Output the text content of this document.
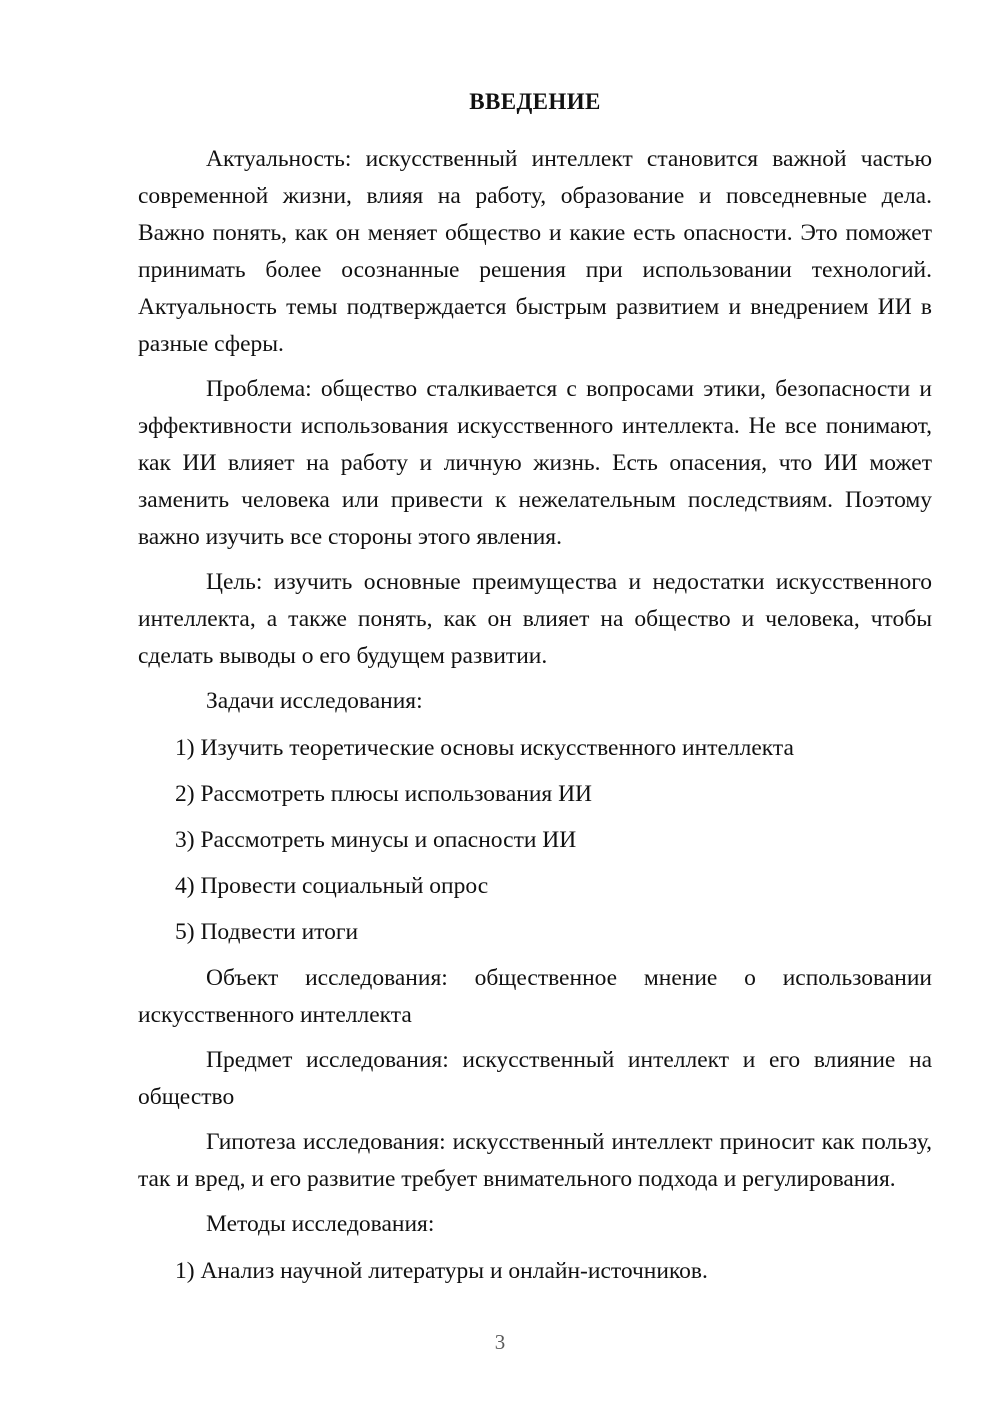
ВВЕДЕНИЕ

Актуальность: искусственный интеллект становится важной частью современной жизни, влияя на работу, образование и повседневные дела. Важно понять, как он меняет общество и какие есть опасности. Это поможет принимать более осознанные решения при использовании технологий. Актуальность темы подтверждается быстрым развитием и внедрением ИИ в разные сферы.

Проблема: общество сталкивается с вопросами этики, безопасности и эффективности использования искусственного интеллекта. Не все понимают, как ИИ влияет на работу и личную жизнь. Есть опасения, что ИИ может заменить человека или привести к нежелательным последствиям. Поэтому важно изучить все стороны этого явления.

Цель: изучить основные преимущества и недостатки искусственного интеллекта, а также понять, как он влияет на общество и человека, чтобы сделать выводы о его будущем развитии.

Задачи исследования:

1) Изучить теоретические основы искусственного интеллекта
2) Рассмотреть плюсы использования ИИ
3) Рассмотреть минусы и опасности ИИ
4) Провести социальный опрос
5) Подвести итоги

Объект исследования: общественное мнение о использовании искусственного интеллекта

Предмет исследования: искусственный интеллект и его влияние на общество

Гипотеза исследования: искусственный интеллект приносит как пользу, так и вред, и его развитие требует внимательного подхода и регулирования.

Методы исследования:

1) Анализ научной литературы и онлайн-источников.
3
